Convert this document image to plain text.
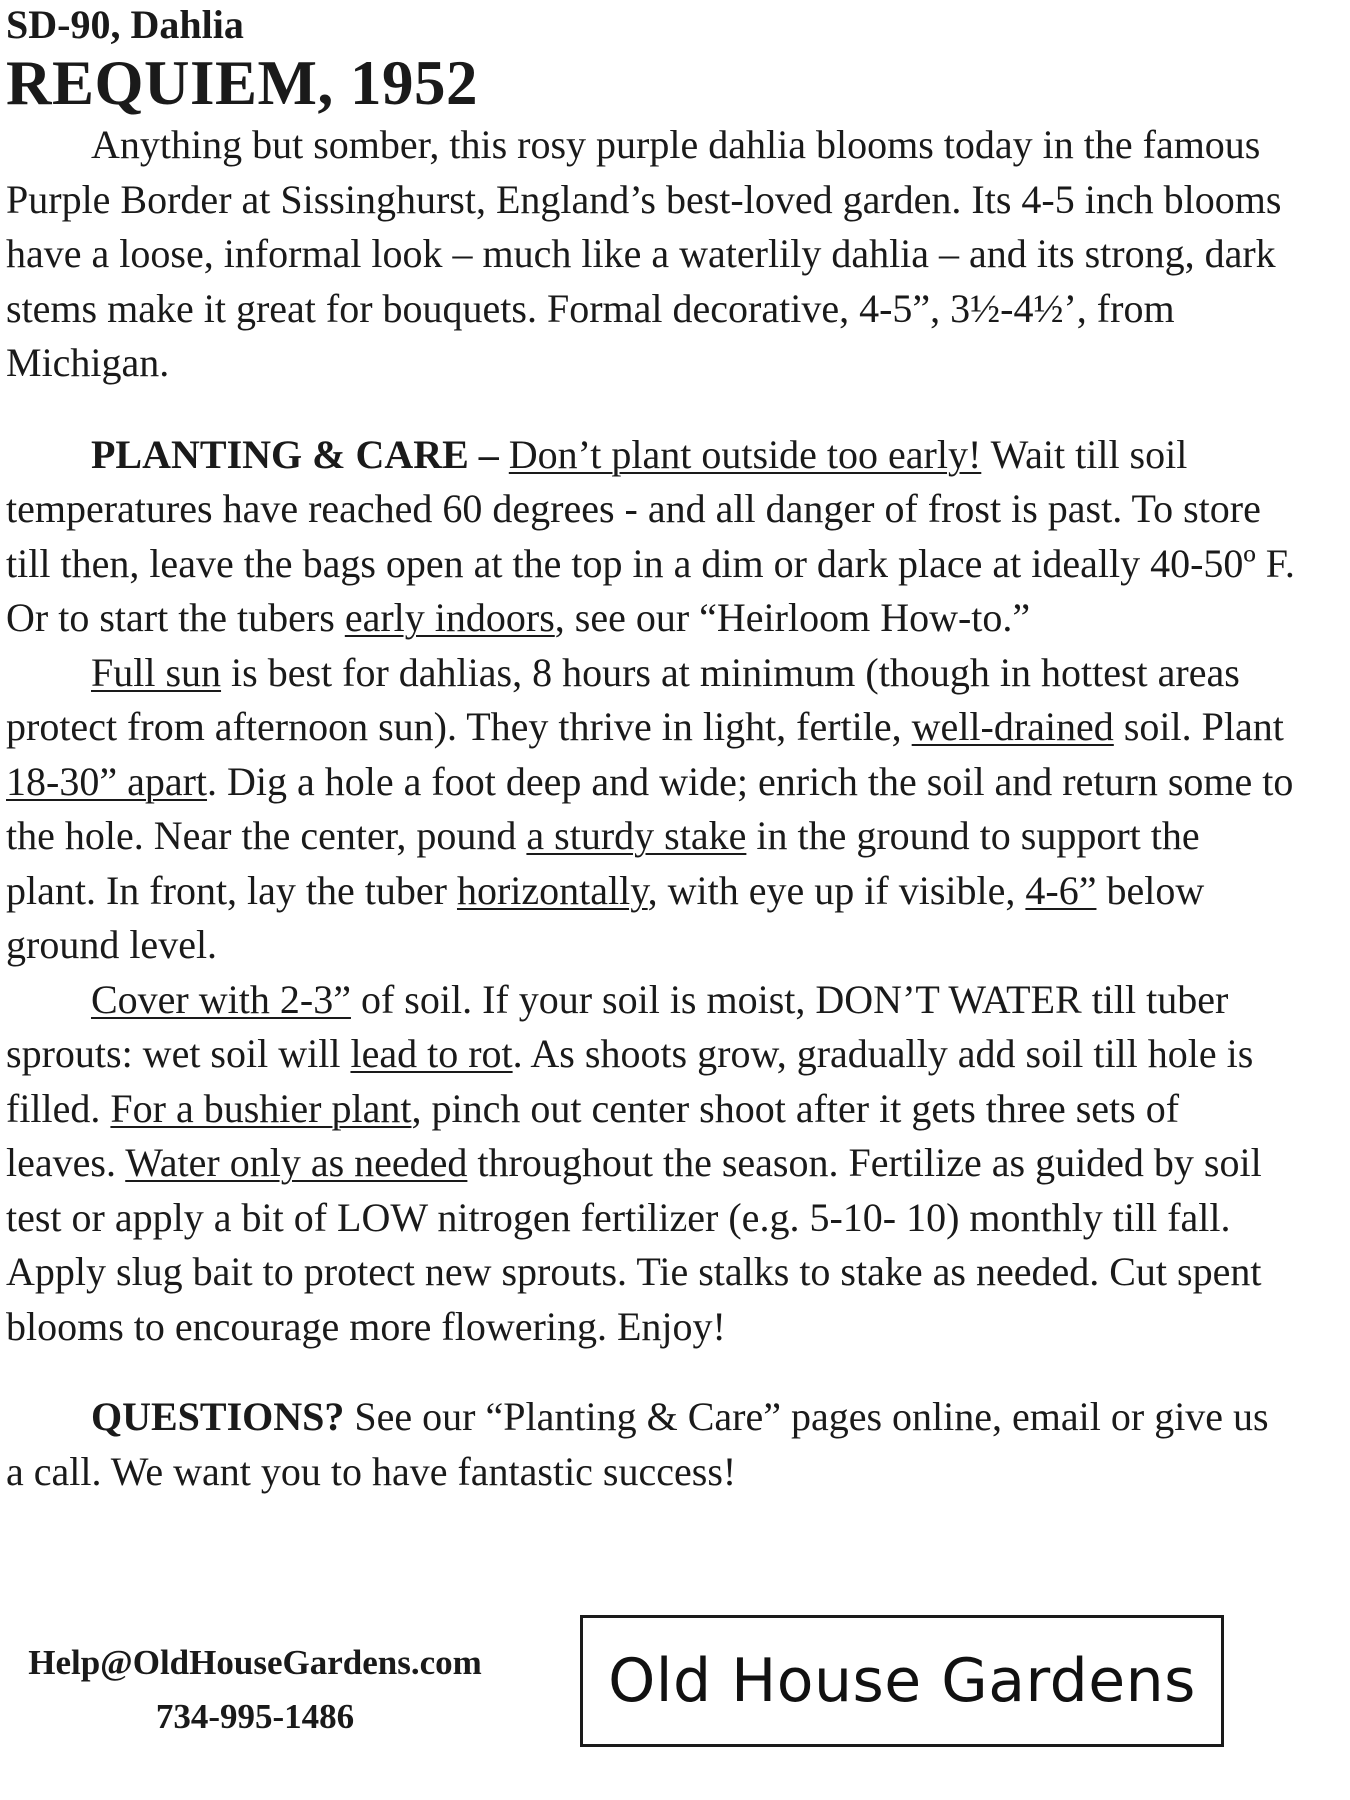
SD-90, Dahlia
REQUIEM, 1952

Anything but somber, this rosy purple dahlia blooms today in the famous Purple Border at Sissinghurst, England’s best-loved garden. Its 4-5 inch blooms have a loose, informal look – much like a waterlily dahlia – and its strong, dark stems make it great for bouquets. Formal decorative, 4-5”, 3½-4½’, from Michigan.

PLANTING & CARE – Don’t plant outside too early! Wait till soil temperatures have reached 60 degrees - and all danger of frost is past. To store till then, leave the bags open at the top in a dim or dark place at ideally 40-50º F. Or to start the tubers early indoors, see our “Heirloom How-to.”

Full sun is best for dahlias, 8 hours at minimum (though in hottest areas protect from afternoon sun). They thrive in light, fertile, well-drained soil. Plant 18-30” apart. Dig a hole a foot deep and wide; enrich the soil and return some to the hole. Near the center, pound a sturdy stake in the ground to support the plant. In front, lay the tuber horizontally, with eye up if visible, 4-6” below ground level.

Cover with 2-3” of soil. If your soil is moist, DON’T WATER till tuber sprouts: wet soil will lead to rot. As shoots grow, gradually add soil till hole is filled. For a bushier plant, pinch out center shoot after it gets three sets of leaves. Water only as needed throughout the season. Fertilize as guided by soil test or apply a bit of LOW nitrogen fertilizer (e.g. 5-10- 10) monthly till fall. Apply slug bait to protect new sprouts. Tie stalks to stake as needed. Cut spent blooms to encourage more flowering. Enjoy!

QUESTIONS? See our “Planting & Care” pages online, email or give us a call. We want you to have fantastic success!

Help@OldHouseGardens.com
734-995-1486
Old House Gardens
